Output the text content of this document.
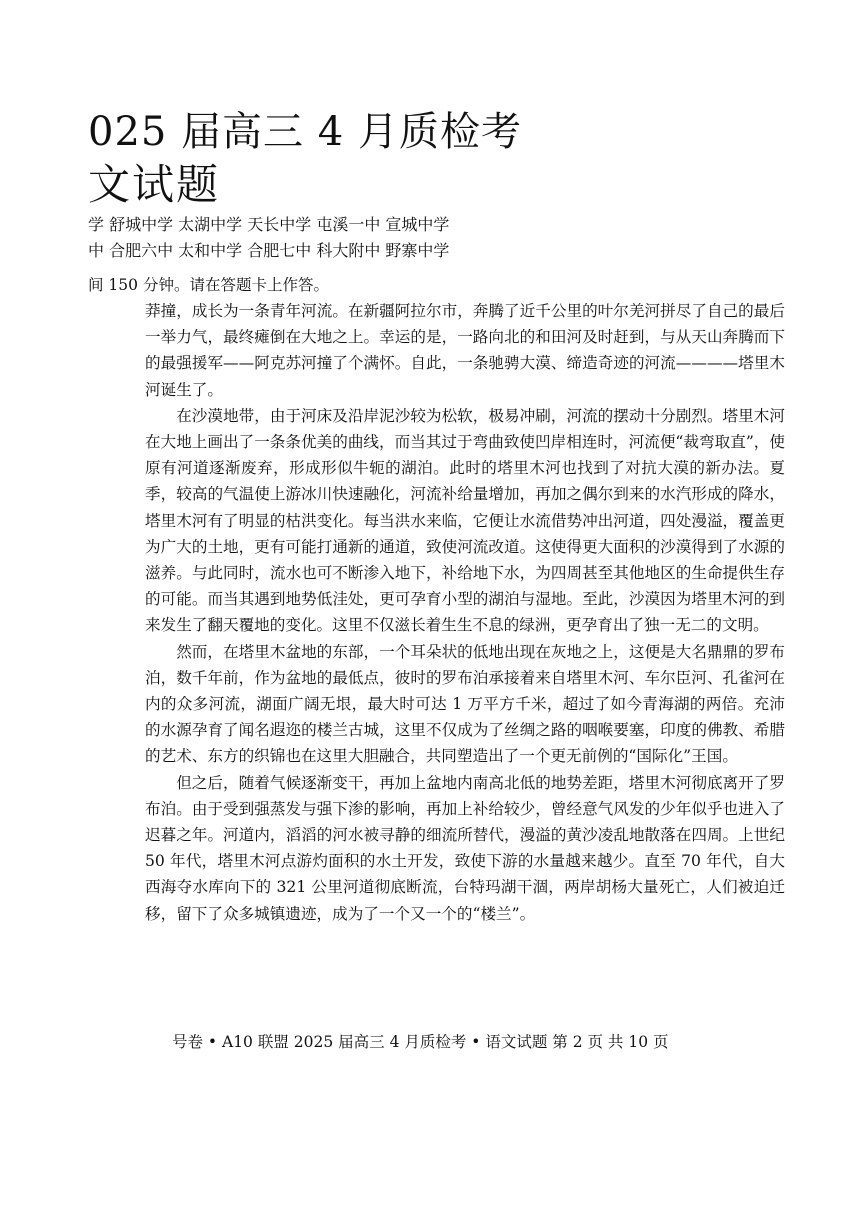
025 届高三 4 月质检考
文试题
学 舒城中学 太湖中学 天长中学 屯溪一中 宣城中学
中 合肥六中 太和中学 合肥七中 科大附中 野寨中学
间 150 分钟。请在答题卡上作答。

莽撞，成长为一条青年河流。在新疆阿拉尔市，奔腾了近千公里的叶尔羌河拼尽了自己的最后一举力气，最终瘫倒在大地之上。幸运的是，一路向北的和田河及时赶到，与从天山奔腾而下的最强援军——阿克苏河撞了个满怀。自此，一条驰骋大漠、缔造奇迹的河流————塔里木河诞生了。

在沙漠地带，由于河床及沿岸泥沙较为松软，极易冲刷，河流的摆动十分剧烈。塔里木河在大地上画出了一条条优美的曲线，而当其过于弯曲致使凹岸相连时，河流便“裁弯取直”，使原有河道逐渐废弃，形成形似牛轭的湖泊。此时的塔里木河也找到了对抗大漠的新办法。夏季，较高的气温使上游冰川快速融化，河流补给量增加，再加之偶尔到来的水汽形成的降水，塔里木河有了明显的枯洪变化。每当洪水来临，它便让水流借势冲出河道，四处漫溢，覆盖更为广大的土地，更有可能打通新的通道，致使河流改道。这使得更大面积的沙漠得到了水源的滋养。与此同时，流水也可不断渗入地下，补给地下水，为四周甚至其他地区的生命提供生存的可能。而当其遇到地势低洼处，更可孕育小型的湖泊与湿地。至此，沙漠因为塔里木河的到来发生了翻天覆地的变化。这里不仅滋长着生生不息的绿洲，更孕育出了独一无二的文明。

然而，在塔里木盆地的东部，一个耳朵状的低地出现在灰地之上，这便是大名鼎鼎的罗布泊，数千年前，作为盆地的最低点，彼时的罗布泊承接着来自塔里木河、车尔臣河、孔雀河在内的众多河流，湖面广阔无垠，最大时可达 1 万平方千米，超过了如今青海湖的两倍。充沛的水源孕育了闻名遐迩的楼兰古城，这里不仅成为了丝绸之路的咽喉要塞，印度的佛教、希腊的艺术、东方的织锦也在这里大胆融合，共同塑造出了一个更无前例的“国际化”王国。

但之后，随着气候逐渐变干，再加上盆地内南高北低的地势差距，塔里木河彻底离开了罗布泊。由于受到强蒸发与强下渗的影响，再加上补给较少，曾经意气风发的少年似乎也进入了迟暮之年。河道内，滔滔的河水被寻静的细流所替代，漫溢的黄沙凌乱地散落在四周。上世纪 50 年代，塔里木河点游灼面积的水土开发，致使下游的水量越来越少。直至 70 年代，自大西海夺水库向下的 321 公里河道彻底断流，台特玛湖干涸，两岸胡杨大量死亡，人们被迫迁移，留下了众多城镇遗迹，成为了一个又一个的“楼兰”。

号卷 • A10 联盟 2025 届高三 4 月质检考 • 语文试题 第 2 页 共 10 页
